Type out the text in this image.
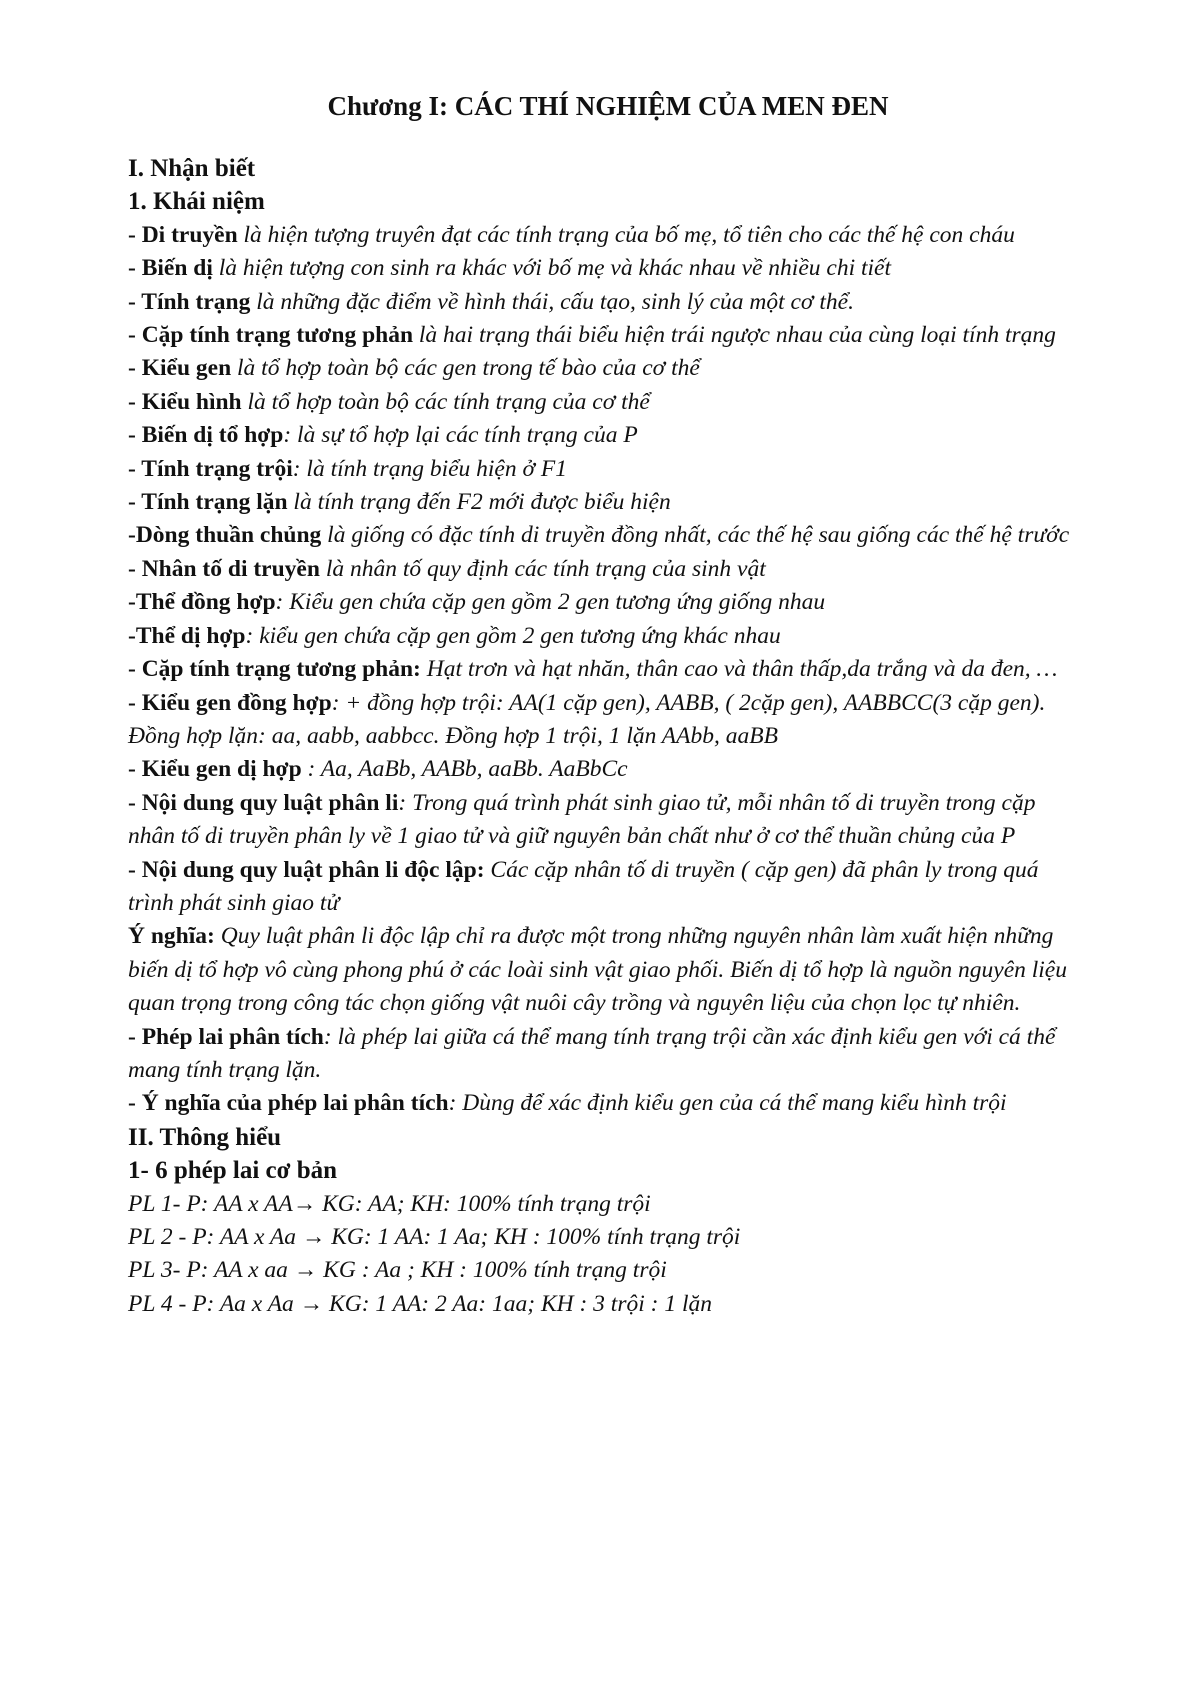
Chương I: CÁC THÍ NGHIỆM CỦA MEN ĐEN
I. Nhận biết
1. Khái niệm
- Di truyền là hiện tượng truyên đạt các tính trạng của bố mẹ, tổ tiên cho các thế hệ con cháu
- Biến dị là hiện tượng con sinh ra khác với bố mẹ và khác nhau về nhiều chi tiết
- Tính trạng là những đặc điểm về hình thái, cấu tạo, sinh lý của một cơ thể.
- Cặp tính trạng tương phản là hai trạng thái biểu hiện trái ngược nhau của cùng loại tính trạng
- Kiểu gen là tổ hợp toàn bộ các gen trong tế bào của cơ thể
- Kiểu hình là tổ hợp toàn bộ các tính trạng của cơ thể
- Biến dị tổ hợp: là sự tổ hợp lại các tính trạng của P
- Tính trạng trội: là tính trạng biểu hiện ở F1
- Tính trạng lặn là tính trạng đến F2 mới được biểu hiện
-Dòng thuần chủng là giống có đặc tính di truyền đồng nhất, các thế hệ sau giống các thế hệ trước
- Nhân tố di truyền là nhân tố quy định các tính trạng của sinh vật
-Thể đồng hợp: Kiểu gen chứa cặp gen gồm 2 gen tương ứng giống nhau
-Thể dị hợp: kiểu gen chứa cặp gen gồm 2 gen tương ứng khác nhau
- Cặp tính trạng tương phản: Hạt trơn và hạt nhăn, thân cao và thân thấp,da trắng và da đen, …
- Kiểu gen đồng hợp: + đồng hợp trội: AA(1 cặp gen), AABB, ( 2cặp gen), AABBCC(3 cặp gen). Đồng hợp lặn: aa, aabb, aabbcc. Đồng hợp 1 trội, 1 lặn AAbb, aaBB
- Kiểu gen dị hợp : Aa, AaBb, AABb, aaBb. AaBbCc
- Nội dung quy luật phân li: Trong quá trình phát sinh giao tử, mỗi nhân tố di truyền trong cặp nhân tố di truyền phân ly về 1 giao tử và giữ nguyên bản chất như ở cơ thể thuần chủng của P
- Nội dung quy luật phân li độc lập: Các cặp nhân tố di truyền ( cặp gen) đã phân ly trong quá trình phát sinh giao tử
Ý nghĩa: Quy luật phân li độc lập chỉ ra được một trong những nguyên nhân làm xuất hiện những biến dị tổ hợp vô cùng phong phú ở các loài sinh vật giao phối. Biến dị tổ hợp là nguồn nguyên liệu quan trọng trong công tác chọn giống vật nuôi cây trồng và nguyên liệu của chọn lọc tự nhiên.
- Phép lai phân tích: là phép lai giữa cá thể mang tính trạng trội cần xác định kiểu gen với cá thể mang tính trạng lặn.
- Ý nghĩa của phép lai phân tích: Dùng để xác định kiểu gen của cá thể mang kiểu hình trội
II. Thông hiểu
1- 6 phép lai cơ bản
PL 1- P: AA x AA→ KG: AA; KH: 100% tính trạng trội
PL 2 - P: AA x Aa → KG: 1 AA: 1 Aa; KH : 100% tính trạng trội
PL 3- P: AA x aa → KG : Aa ; KH : 100% tính trạng trội
PL 4 - P: Aa x Aa → KG: 1 AA: 2 Aa: 1aa; KH : 3 trội : 1 lặn
